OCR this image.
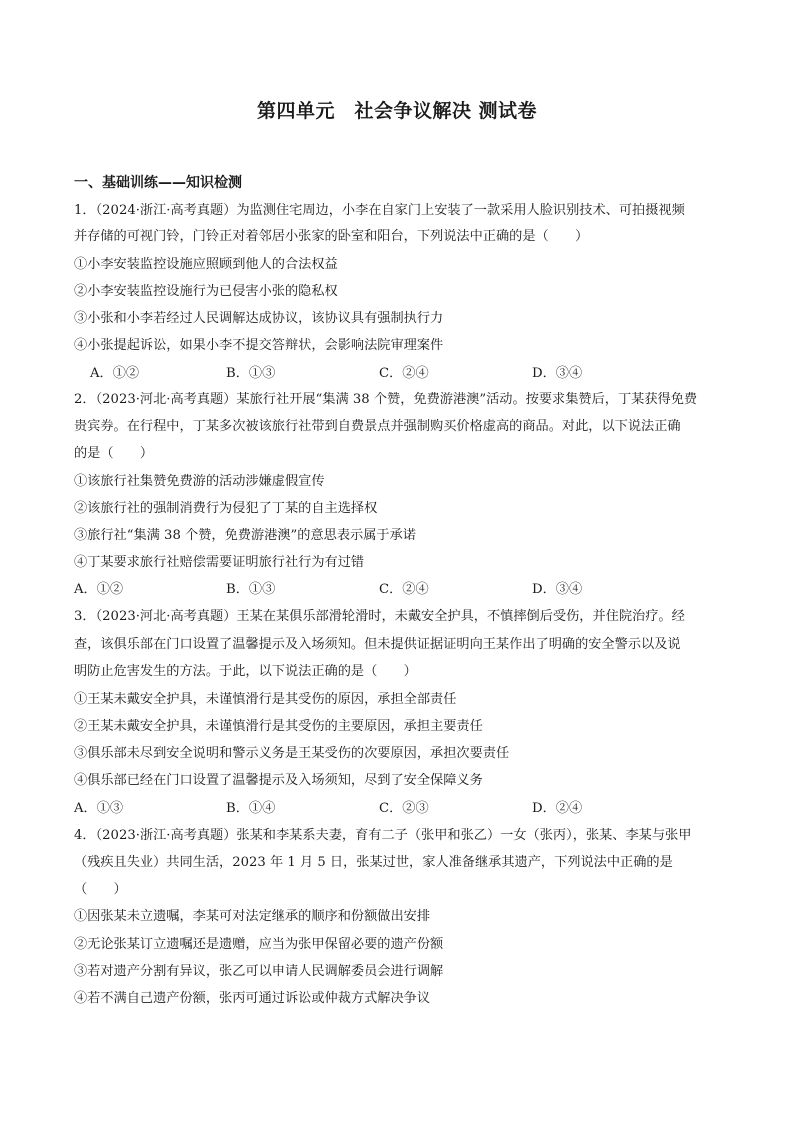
第四单元　社会争议解决 测试卷
一、基础训练——知识检测
1．（2024·浙江·高考真题）为监测住宅周边，小李在自家门上安装了一款采用人脸识别技术、可拍摄视频
并存储的可视门铃，门铃正对着邻居小张家的卧室和阳台，下列说法中正确的是（　　）
①小李安装监控设施应照顾到他人的合法权益
②小李安装监控设施行为已侵害小张的隐私权
③小张和小李若经过人民调解达成协议，该协议具有强制执行力
④小张提起诉讼，如果小李不提交答辩状，会影响法院审理案件
A．①②	B．①③	C．②④	D．③④
2．（2023·河北·高考真题）某旅行社开展“集满 38 个赞，免费游港澳”活动。按要求集赞后，丁某获得免费
贵宾券。在行程中，丁某多次被该旅行社带到自费景点并强制购买价格虚高的商品。对此，以下说法正确
的是（　　）
①该旅行社集赞免费游的活动涉嫌虚假宣传
②该旅行社的强制消费行为侵犯了丁某的自主选择权
③旅行社“集满 38 个赞，免费游港澳”的意思表示属于承诺
④丁某要求旅行社赔偿需要证明旅行社行为有过错
A．①②	B．①③	C．②④	D．③④
3．（2023·河北·高考真题）王某在某俱乐部滑轮滑时，未戴安全护具，不慎摔倒后受伤，并住院治疗。经
查，该俱乐部在门口设置了温馨提示及入场须知。但未提供证据证明向王某作出了明确的安全警示以及说
明防止危害发生的方法。于此，以下说法正确的是（　　）
①王某未戴安全护具，未谨慎滑行是其受伤的原因，承担全部责任
②王某未戴安全护具，未谨慎滑行是其受伤的主要原因，承担主要责任
③俱乐部未尽到安全说明和警示义务是王某受伤的次要原因，承担次要责任
④俱乐部已经在门口设置了温馨提示及入场须知，尽到了安全保障义务
A．①③	B．①④	C．②③	D．②④
4．（2023·浙江·高考真题）张某和李某系夫妻，育有二子（张甲和张乙）一女（张丙），张某、李某与张甲
（残疾且失业）共同生活，2023 年 1 月 5 日，张某过世，家人准备继承其遗产，下列说法中正确的是
（　　）
①因张某未立遗嘱，李某可对法定继承的顺序和份额做出安排
②无论张某订立遗嘱还是遗赠，应当为张甲保留必要的遗产份额
③若对遗产分割有异议，张乙可以申请人民调解委员会进行调解
④若不满自己遗产份额，张丙可通过诉讼或仲裁方式解决争议
